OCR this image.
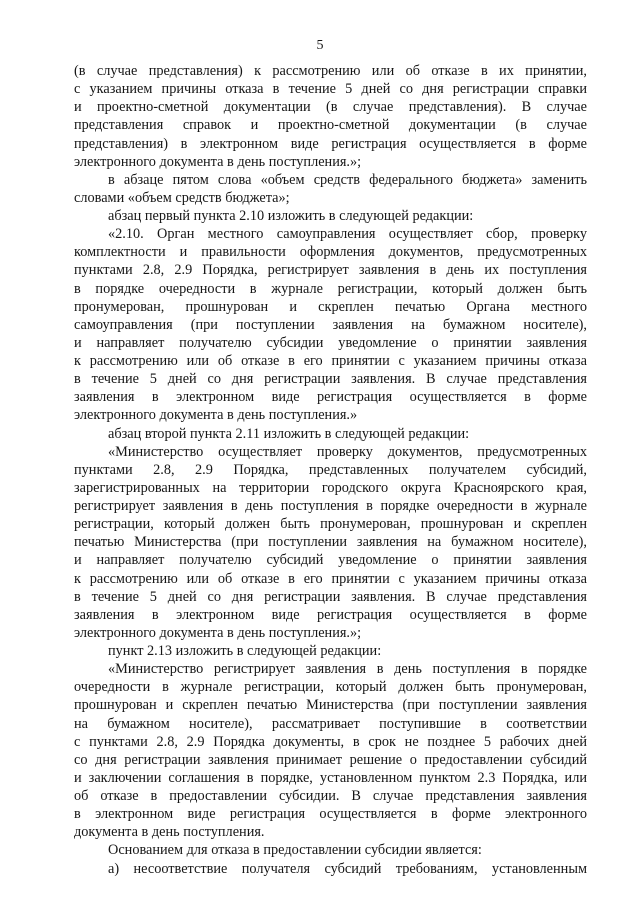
5
(в случае представления) к рассмотрению или об отказе в их принятии,
с указанием причины отказа в течение 5 дней со дня регистрации справки
и проектно-сметной документации (в случае представления). В случае
представления справок и проектно-сметной документации (в случае
представления) в электронном виде регистрация осуществляется в форме
электронного документа в день поступления.»;
в абзаце пятом слова «объем средств федерального бюджета» заменить
словами «объем средств бюджета»;
абзац первый пункта 2.10 изложить в следующей редакции:
«2.10. Орган местного самоуправления осуществляет сбор, проверку
комплектности и правильности оформления документов, предусмотренных
пунктами 2.8, 2.9 Порядка, регистрирует заявления в день их поступления
в порядке очередности в журнале регистрации, который должен быть
пронумерован, прошнурован и скреплен печатью Органа местного
самоуправления (при поступлении заявления на бумажном носителе),
и направляет получателю субсидии уведомление о принятии заявления
к рассмотрению или об отказе в его принятии с указанием причины отказа
в течение 5 дней со дня регистрации заявления. В случае представления
заявления в электронном виде регистрация осуществляется в форме
электронного документа в день поступления.»
абзац второй пункта 2.11 изложить в следующей редакции:
«Министерство осуществляет проверку документов, предусмотренных
пунктами 2.8, 2.9 Порядка, представленных получателем субсидий,
зарегистрированных на территории городского округа Красноярского края,
регистрирует заявления в день поступления в порядке очередности в журнале
регистрации, который должен быть пронумерован, прошнурован и скреплен
печатью Министерства (при поступлении заявления на бумажном носителе),
и направляет получателю субсидий уведомление о принятии заявления
к рассмотрению или об отказе в его принятии с указанием причины отказа
в течение 5 дней со дня регистрации заявления. В случае представления
заявления в электронном виде регистрация осуществляется в форме
электронного документа в день поступления.»;
пункт 2.13 изложить в следующей редакции:
«Министерство регистрирует заявления в день поступления в порядке
очередности в журнале регистрации, который должен быть пронумерован,
прошнурован и скреплен печатью Министерства (при поступлении заявления
на бумажном носителе), рассматривает поступившие в соответствии
с пунктами 2.8, 2.9 Порядка документы, в срок не позднее 5 рабочих дней
со дня регистрации заявления принимает решение о предоставлении субсидий
и заключении соглашения в порядке, установленном пунктом 2.3 Порядка, или
об отказе в предоставлении субсидии. В случае представления заявления
в электронном виде регистрация осуществляется в форме электронного
документа в день поступления.
Основанием для отказа в предоставлении субсидии является:
а) несоответствие получателя субсидий требованиям, установленным
